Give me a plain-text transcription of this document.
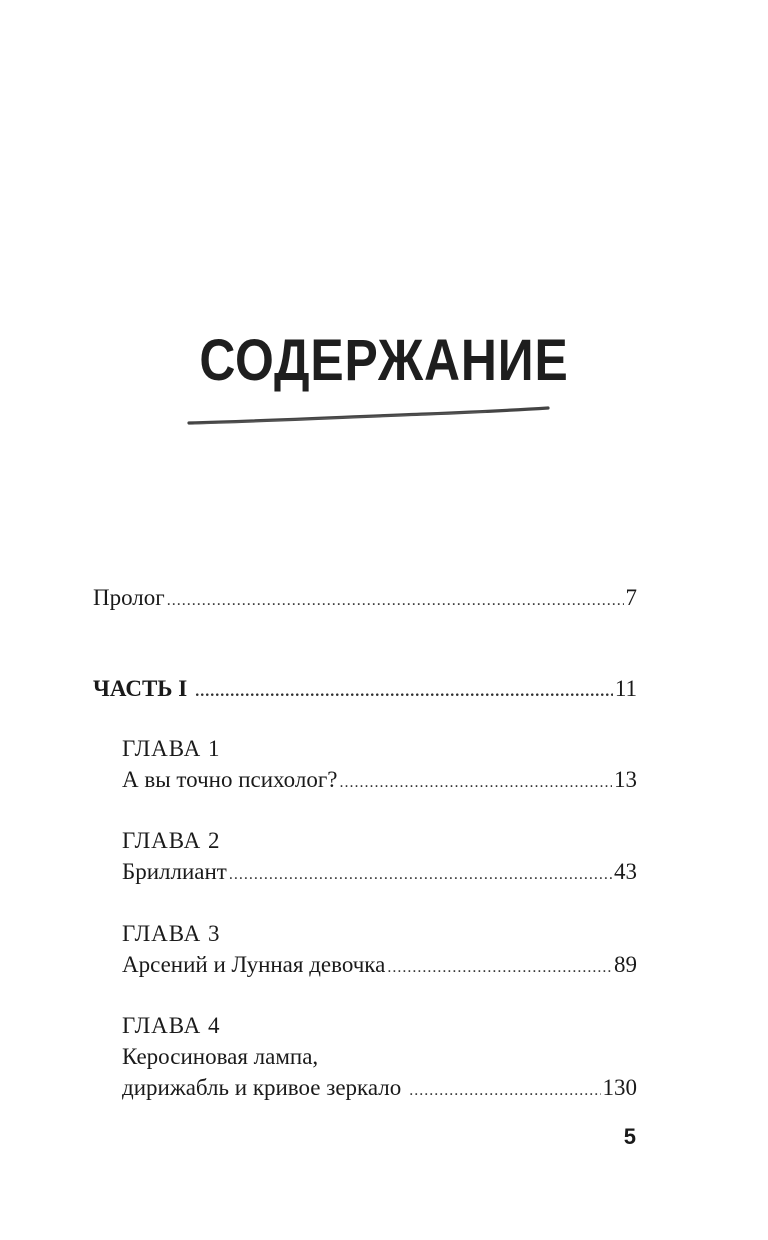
СОДЕРЖАНИЕ
Пролог .....	7
ЧАСТЬ I .....	11
ГЛАВА 1
А вы точно психолог? .....	13
ГЛАВА 2
Бриллиант .....	43
ГЛАВА 3
Арсений и Лунная девочка .....	89
ГЛАВА 4
Керосиновая лампа,
дирижабль и кривое зеркало .....	130
5
